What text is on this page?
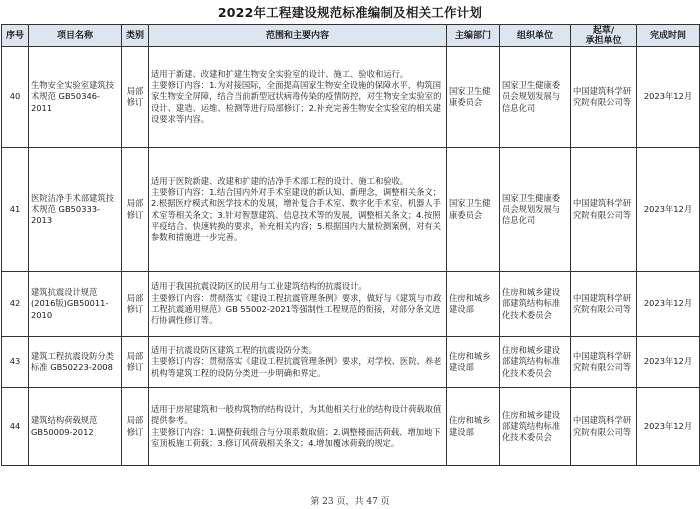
2022年工程建设规范标准编制及相关工作计划
序号	项目名称	类别	范围和主要内容	主编部门	组织单位	起草/
承担单位	完成时间
40	生物安全实验室建筑技术规范 GB50346-2011	局部修订	适用于新建、改建和扩建生物安全实验室的设计、施工、验收和运行。
主要修订内容：1.为对接国际，全面提高国家生物安全设施的保障水平，构筑国家生物安全屏障，结合当前新型冠状病毒传染的疫情防控，对生物安全实验室的设计、建造、运维、检测等进行局部修订；2.补充完善生物安全实验室的相关建设要求等内容。	国家卫生健康委员会	国家卫生健康委员会规划发展与信息化司	中国建筑科学研究院有限公司等	2023年12月
41	医院洁净手术部建筑技术规范 GB50333-2013	局部修订	适用于医院新建、改建和扩建的洁净手术部工程的设计、施工和验收。
主要修订内容：1.结合国内外对手术室建设的新认知、新理念，调整相关条文；2.根据医疗模式和医学技术的发展，增补复合手术室、数字化手术室、机器人手术室等相关条文；3.针对智慧建筑、信息技术等的发展，调整相关条文；4.按照平疫结合、快速转换的要求，补充相关内容；5.根据国内大量检测案例，对有关参数和措施进一步完善。	国家卫生健康委员会	国家卫生健康委员会规划发展与信息化司	中国建筑科学研究院有限公司等	2023年12月
42	建筑抗震设计规范(2016版)GB50011-2010	局部修订	适用于我国抗震设防区的民用与工业建筑结构的抗震设计。
主要修订内容：贯彻落实《建设工程抗震管理条例》要求，做好与《建筑与市政工程抗震通用规范》GB 55002-2021等强制性工程规范的衔接，对部分条文进行协调性修订等。	住房和城乡建设部	住房和城乡建设部建筑结构标准化技术委员会	中国建筑科学研究院有限公司等	2023年12月
43	建筑工程抗震设防分类标准 GB50223-2008	局部修订	适用于抗震设防区建筑工程的抗震设防分类。
主要修订内容：贯彻落实《建设工程抗震管理条例》要求，对学校、医院、养老机构等建筑工程的设防分类进一步明确和界定。	住房和城乡建设部	住房和城乡建设部建筑结构标准化技术委员会	中国建筑科学研究院有限公司等	2023年12月
44	建筑结构荷载规范 GB50009-2012	局部修订	适用于房屋建筑和一般构筑物的结构设计，为其他相关行业的结构设计荷载取值提供参考。
主要修订内容：1.调整荷载组合与分项系数取值；2.调整楼面活荷载、增加地下室顶板施工荷载；3.修订风荷载相关条文；4.增加覆冰荷载的规定。	住房和城乡建设部	住房和城乡建设部建筑结构标准化技术委员会	中国建筑科学研究院有限公司等	2023年12月
第 23 页，共 47 页
